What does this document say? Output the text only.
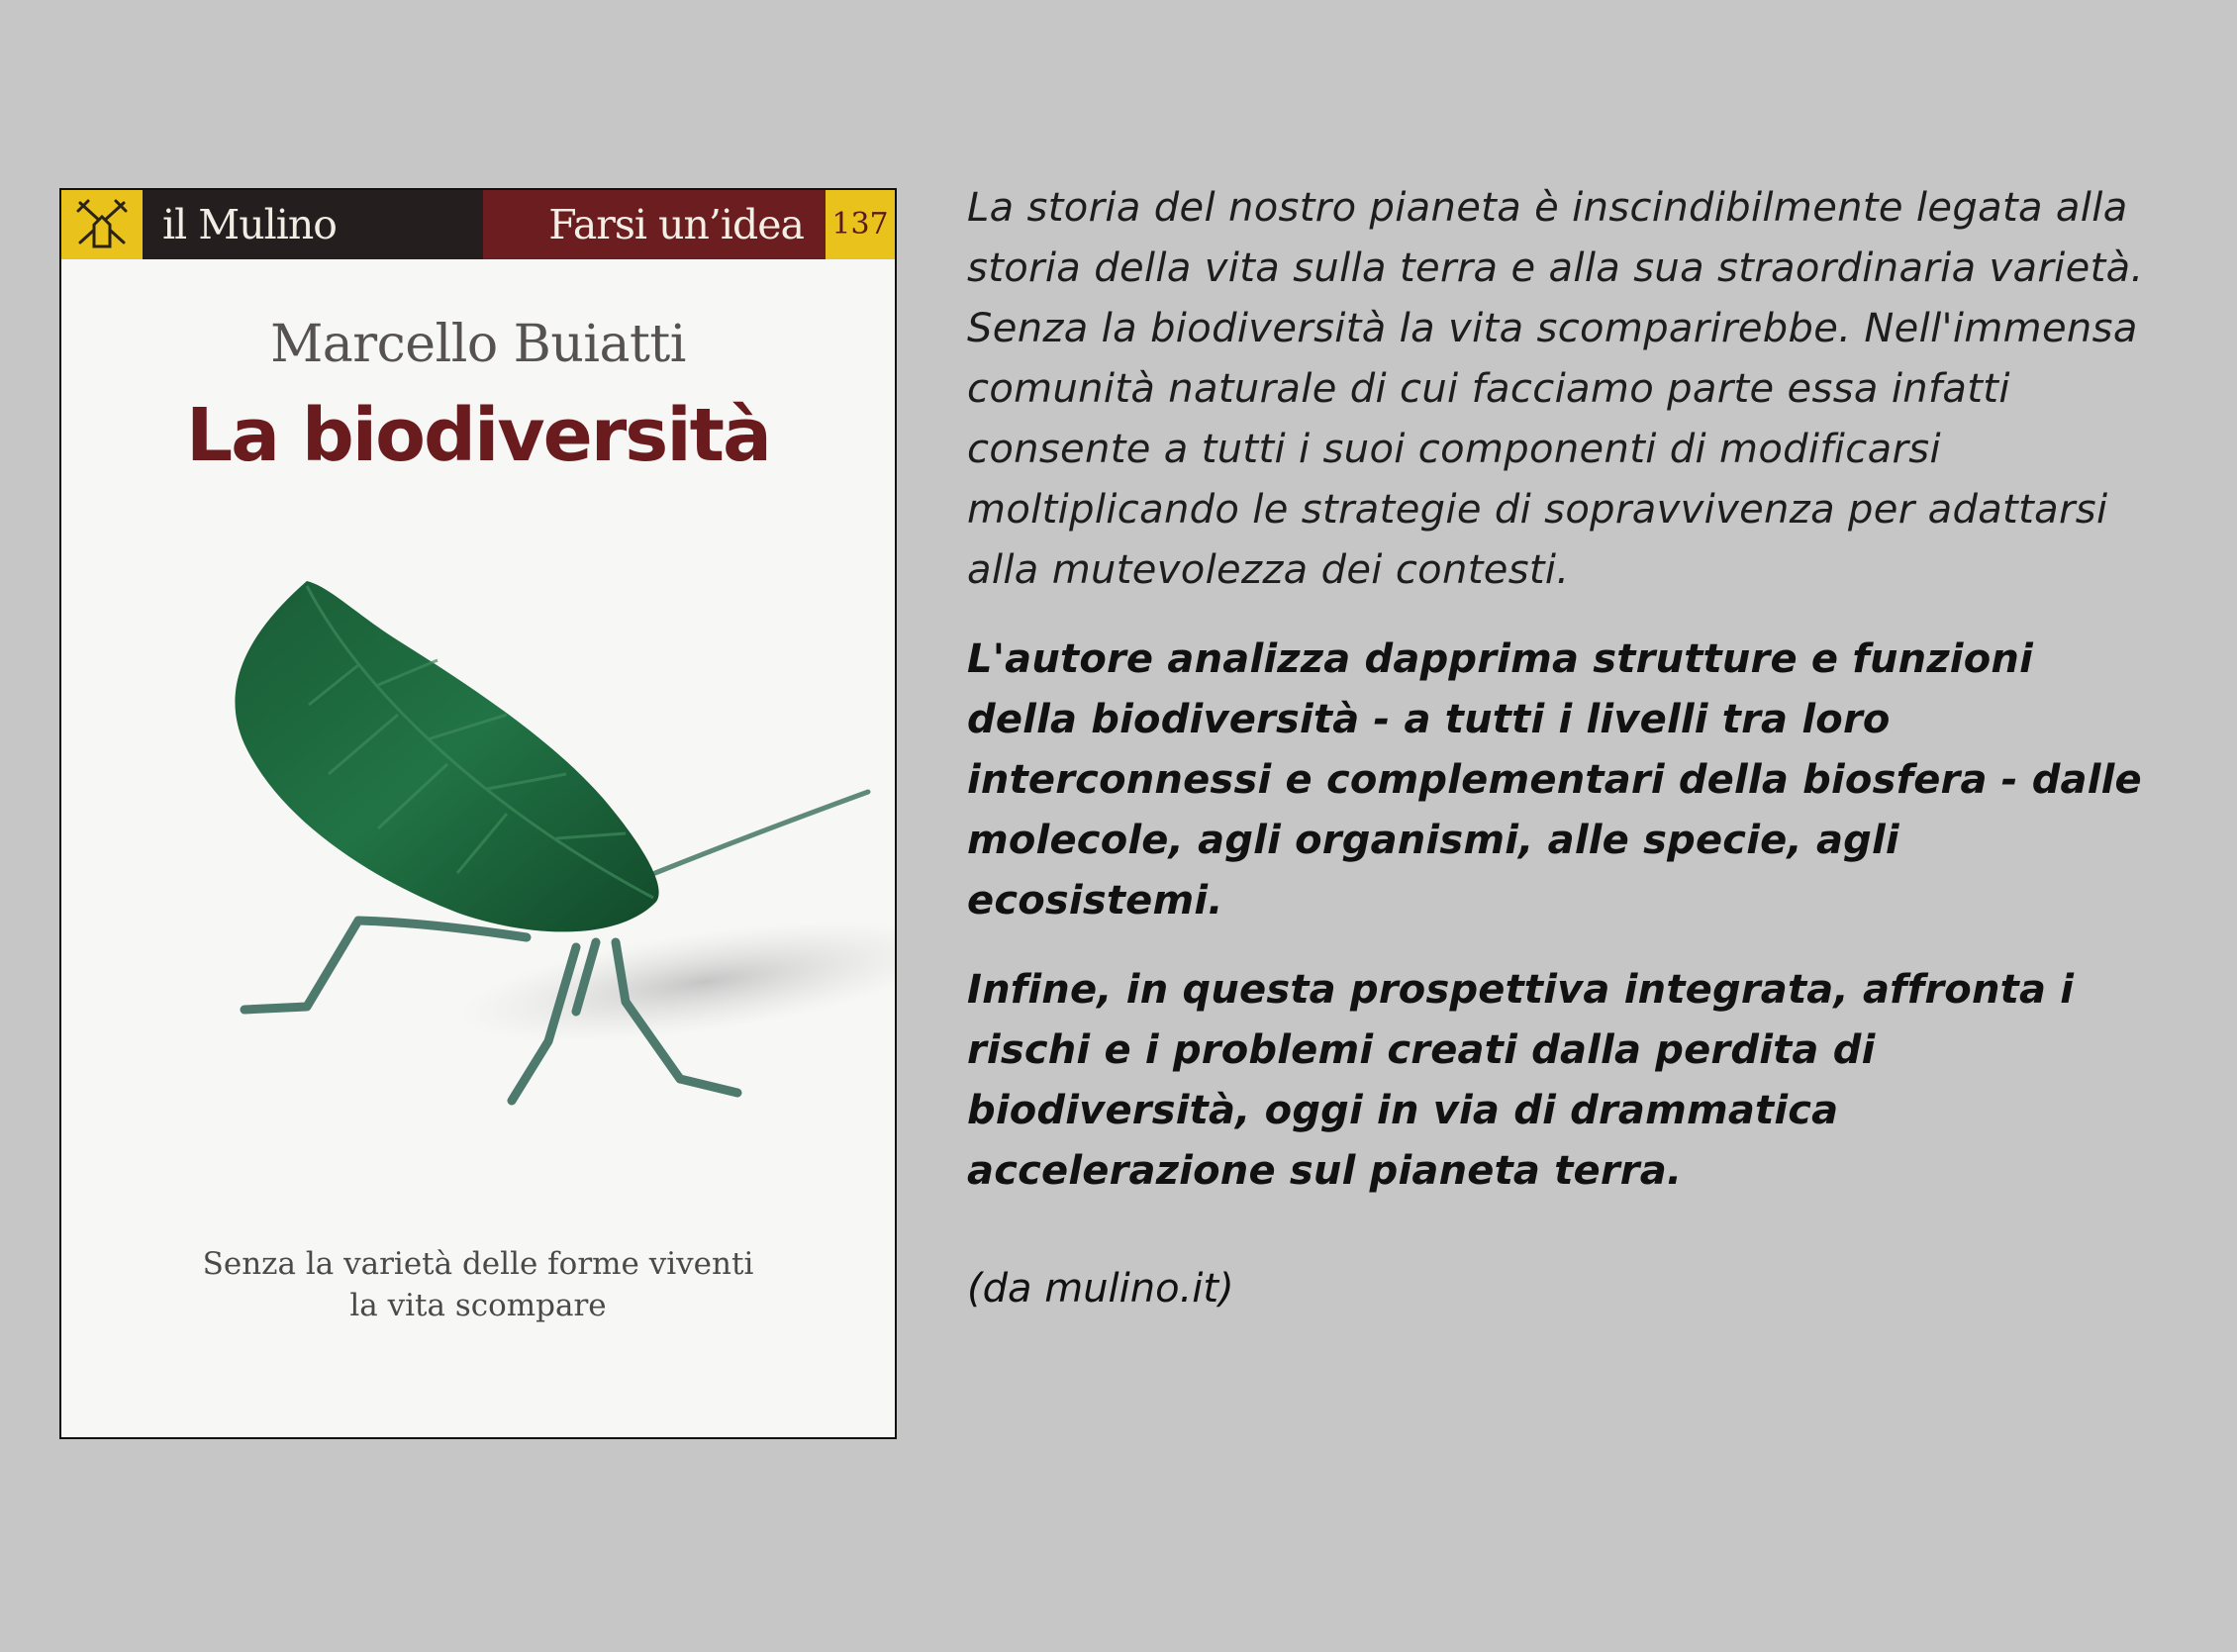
il Mulino	Farsi un’idea 137
Marcello Buiatti
La biodiversità
Senza la varietà delle forme viventi
la vita scompare
La storia del nostro pianeta è inscindibilmente legata alla
storia della vita sulla terra e alla sua straordinaria varietà.
Senza la biodiversità la vita scomparirebbe. Nell'immensa
comunità naturale di cui facciamo parte essa infatti
consente a tutti i suoi componenti di modificarsi
moltiplicando le strategie di sopravvivenza per adattarsi
alla mutevolezza dei contesti.
L'autore analizza dapprima strutture e funzioni
della biodiversità - a tutti i livelli tra loro
interconnessi e complementari della biosfera - dalle
molecole, agli organismi, alle specie, agli
ecosistemi.
Infine, in questa prospettiva integrata, affronta i
rischi e i problemi creati dalla perdita di
biodiversità, oggi in via di drammatica
accelerazione sul pianeta terra.
(da mulino.it)
